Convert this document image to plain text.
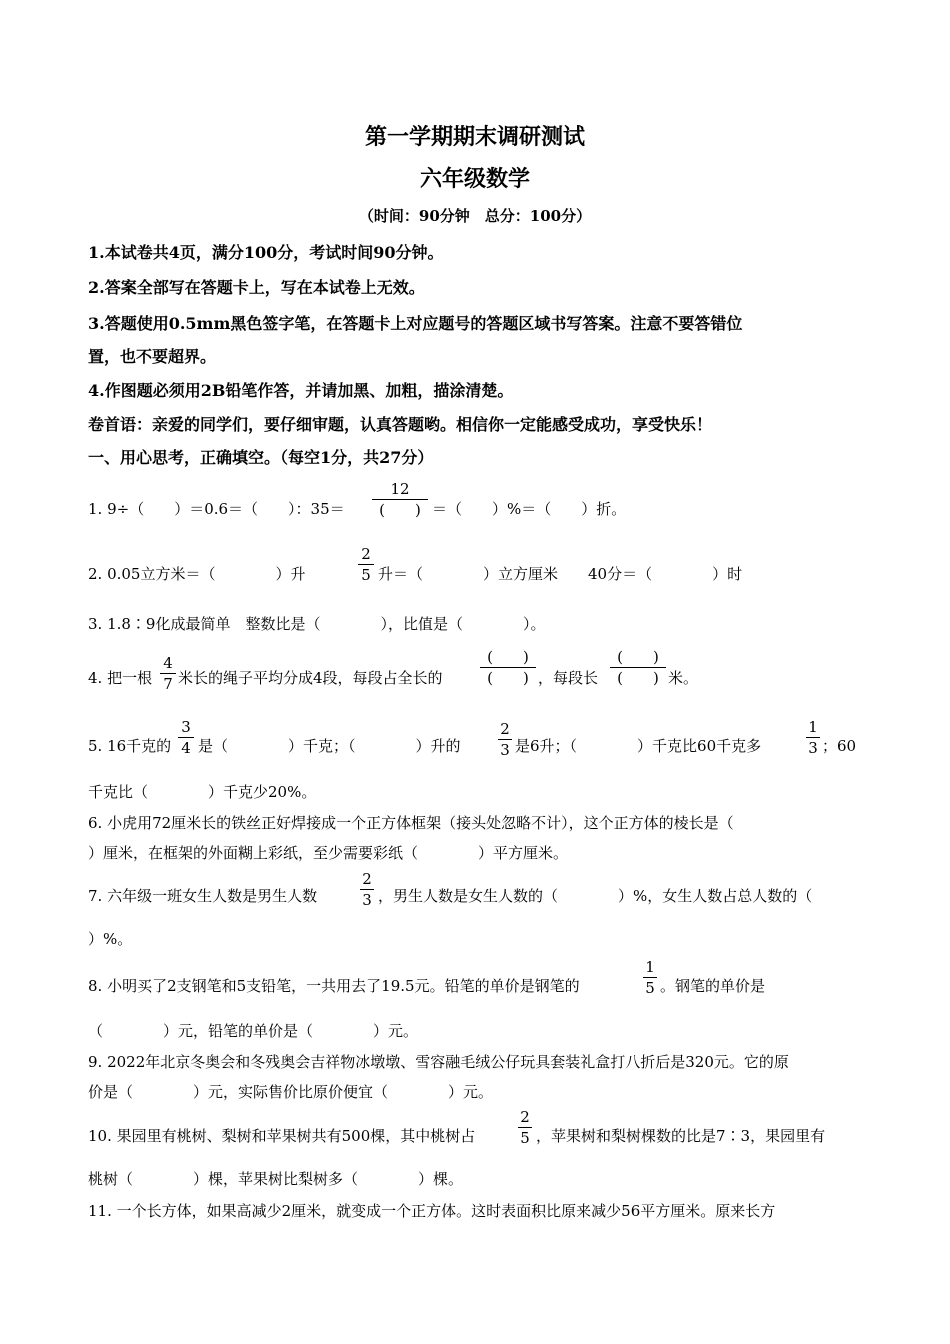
第一学期期末调研测试
六年级数学
（时间：90分钟　总分：100分）
1.本试卷共4页，满分100分，考试时间90分钟。
2.答案全部写在答题卡上，写在本试卷上无效。
3.答题使用0.5mm黑色签字笔，在答题卡上对应题号的答题区域书写答案。注意不要答错位
置，也不要超界。
4.作图题必须用2B铅笔作答，并请加黑、加粗，描涂清楚。
卷首语：亲爱的同学们，要仔细审题，认真答题哟。相信你一定能感受成功，享受快乐！
一、用心思考，正确填空。（每空1分，共27分）
1. 9÷（　　）＝0.6＝（　　）：35＝
12
(　　) ＝（　　）%＝（　　）折。
2. 0.05立方米＝（　　　　）升
2
5 升＝（　　　　）立方厘米　　40分＝（　　　　）时
3. 1.8∶9化成最简单　整数比是（　　　　），比值是（　　　　）。
4. 把一根
4
7 米长的绳子平均分成4段，每段占全长的
(　　)
(　　) ，每段长
(　　)
(　　) 米。
5. 16千克的
3
4 是（　　　　）千克；（　　　　）升的
2
3 是6升；（　　　　）千克比60千克多
1
3 ；60
千克比（　　　　）千克少20%。
6. 小虎用72厘米长的铁丝正好焊接成一个正方体框架（接头处忽略不计），这个正方体的棱长是（
）厘米，在框架的外面糊上彩纸，至少需要彩纸（　　　　）平方厘米。
7. 六年级一班女生人数是男生人数
2
3 ，男生人数是女生人数的（　　　　）%，女生人数占总人数的（
）%。
8. 小明买了2支钢笔和5支铅笔，一共用去了19.5元。铅笔的单价是钢笔的
1
5 。钢笔的单价是
（　　　　）元，铅笔的单价是（　　　　）元。
9. 2022年北京冬奥会和冬残奥会吉祥物冰墩墩、雪容融毛绒公仔玩具套装礼盒打八折后是320元。它的原
价是（　　　　）元，实际售价比原价便宜（　　　　）元。
10. 果园里有桃树、梨树和苹果树共有500棵，其中桃树占
2
5 ，苹果树和梨树棵数的比是7∶3，果园里有
桃树（　　　　）棵，苹果树比梨树多（　　　　）棵。
11. 一个长方体，如果高减少2厘米，就变成一个正方体。这时表面积比原来减少56平方厘米。原来长方
